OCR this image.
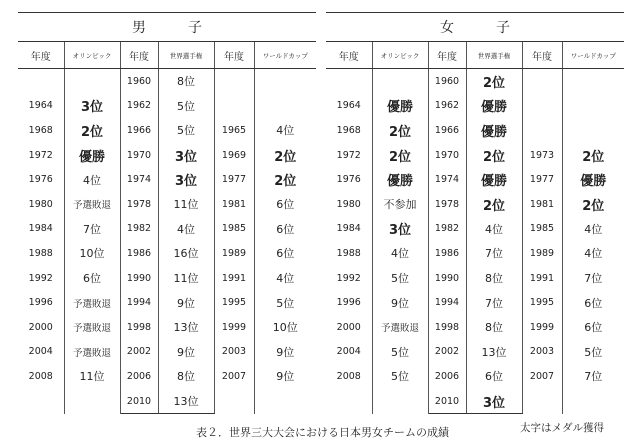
男　子					
年度	オリンピック	年度	世界選手権	年度	ワールドカップ
		1960	8位		
1964	3位	1962	5位		
1968	2位	1966	5位	1965	4位
1972	優勝	1970	3位	1969	2位
1976	4位	1974	3位	1977	2位
1980	予選敗退	1978	11位	1981	6位
1984	7位	1982	4位	1985	6位
1988	10位	1986	16位	1989	6位
1992	6位	1990	11位	1991	4位
1996	予選敗退	1994	9位	1995	5位
2000	予選敗退	1998	13位	1999	10位
2004	予選敗退	2002	9位	2003	9位
2008	11位	2006	8位	2007	9位
		2010	13位		
女　子					
年度	オリンピック	年度	世界選手権	年度	ワールドカップ
		1960	2位		
1964	優勝	1962	優勝		
1968	2位	1966	優勝		
1972	2位	1970	2位	1973	2位
1976	優勝	1974	優勝	1977	優勝
1980	不参加	1978	2位	1981	2位
1984	3位	1982	4位	1985	4位
1988	4位	1986	7位	1989	4位
1992	5位	1990	8位	1991	7位
1996	9位	1994	7位	1995	6位
2000	予選敗退	1998	8位	1999	6位
2004	5位	2002	13位	2003	5位
2008	5位	2006	6位	2007	7位
		2010	3位		
表２．世界三大大会における日本男女チームの成績	太字はメダル獲得
